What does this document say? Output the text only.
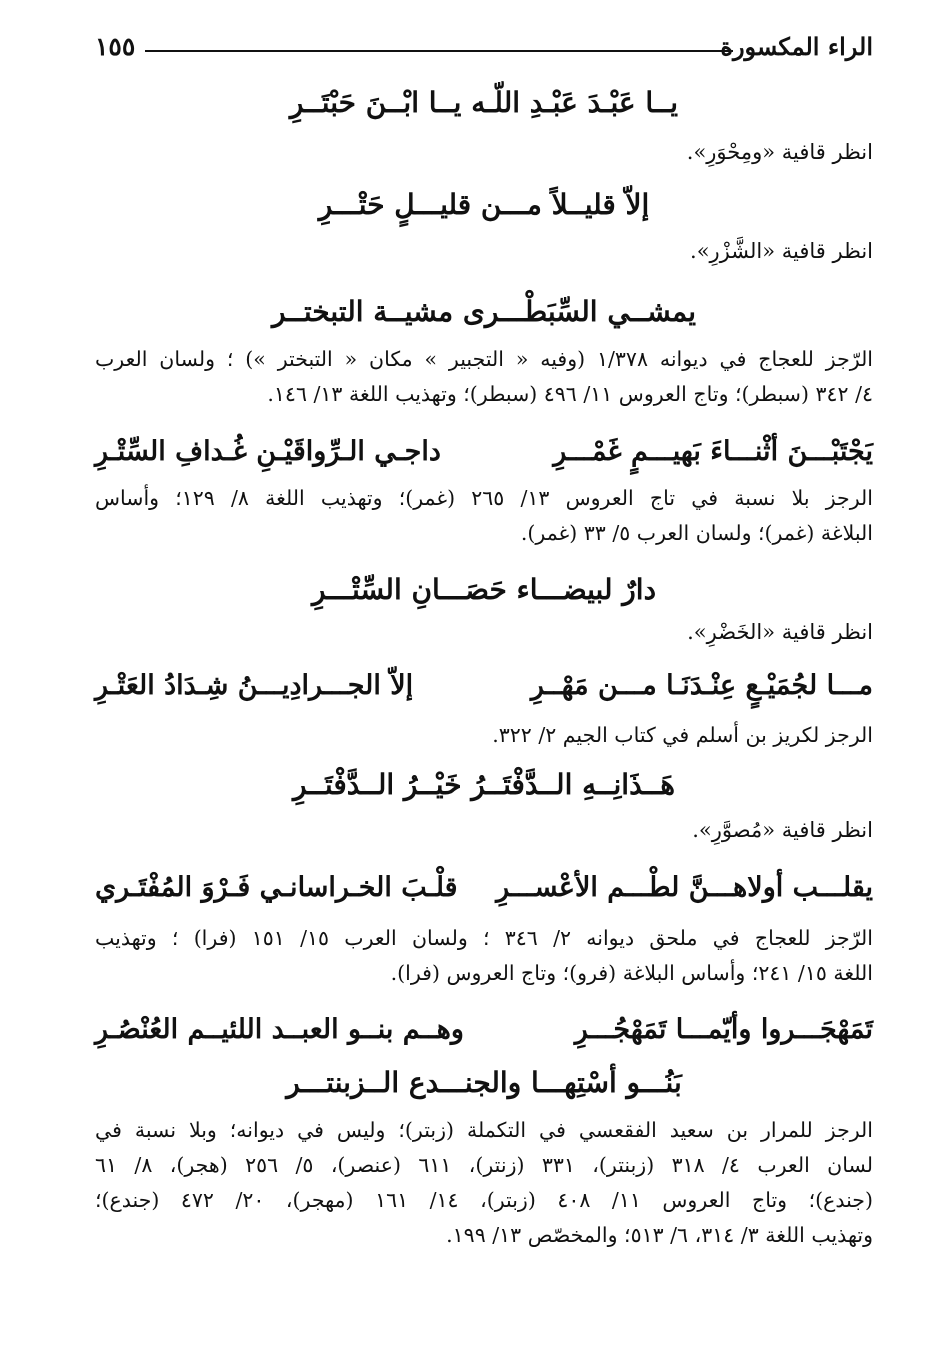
الراء المكسورة
١٥٥
يــا عَبْـدَ عَبْـدِ اللّـه يــا ابْــنَ حَبْتَــرِ
انظر قافية «ومِحْوَرِ».
إلاّ قليــلاً مـــن قليـــلٍ حَتْـــرِ
انظر قافية «الشَّزْرِ».
يمشــي السِّبَطْـــرى مشيــة التبختــر

الرّجز للعجاج في ديوانه ١/٣٧٨ (وفيه « التجبير » مكان « التبختر ») ؛ ولسان العرب

٤/ ٣٤٢ (سبطر)؛ وتاج العروس ١١/ ٤٩٦ (سبطر)؛ وتهذيب اللغة ١٣/ ١٤٦.

يَجْتَبْـــنَ أثْنـــاءَ بَهيـــمٍ غَمْـــرِ
داجـي الـرِّواقَيْـنِ غُـدافِ السِّتْـرِ

الرجز بلا نسبة في تاج العروس ١٣/ ٢٦٥ (غمر)؛ وتهذيب اللغة ٨/ ١٢٩؛ وأساس

البلاغة (غمر)؛ ولسان العرب ٥/ ٣٣ (غمر).

دارٌ لبيضـــاء حَصَـــانِ السِّتْـــرِ
انظر قافية «الخَضْرِ».
مـــا لجُمَيْـعٍ عِنْـدَنَـا مـــن مَهْــرِ
إلاّ الجـــرادِيـــنُ شِـدَادُ العَتْـرِ

الرجز لكريز بن أسلم في كتاب الجيم ٢/ ٣٢٢.

هَــذَانِــهِ الــدَّفْتَــرُ خَيْــرُ الــدَّفْتَــرِ
انظر قافية «مُصوَّرِ».
يقلـــب أولاهـــنَّ لطْـــم الأعْســـرِ
قلْـبَ الخـراسانـي فَـرْوَ المُفْتَـري

الرّجز للعجاج في ملحق ديوانه ٢/ ٣٤٦ ؛ ولسان العرب ١٥/ ١٥١ (فرا) ؛ وتهذيب

اللغة ١٥/ ٢٤١؛ وأساس البلاغة (فرو)؛ وتاج العروس (فرا).

تَمَهْجَـــروا وأيّمـــا تَمَهْجُـــرِ
وهــم بنــو العبــد اللئيــم العُنْصُـرِ
بَنُـــو أسْتِهـــا والجنـــدع الــزبنتـــر

الرجز للمرار بن سعيد الفقعسي في التكملة (زبتر)؛ وليس في ديوانه؛ وبلا نسبة في

لسان العرب ٤/ ٣١٨ (زبنتر)، ٣٣١ (زنتر)، ٦١١ (عنصر)، ٥/ ٢٥٦ (هجر)، ٨/ ٦١

(جندع)؛ وتاج العروس ١١/ ٤٠٨ (زبتر)، ١٤/ ١٦١ (مهجر)، ٢٠/ ٤٧٢ (جندع)؛

وتهذيب اللغة ٣/ ٣١٤، ٦/ ٥١٣؛ والمخصّص ١٣/ ١٩٩.
